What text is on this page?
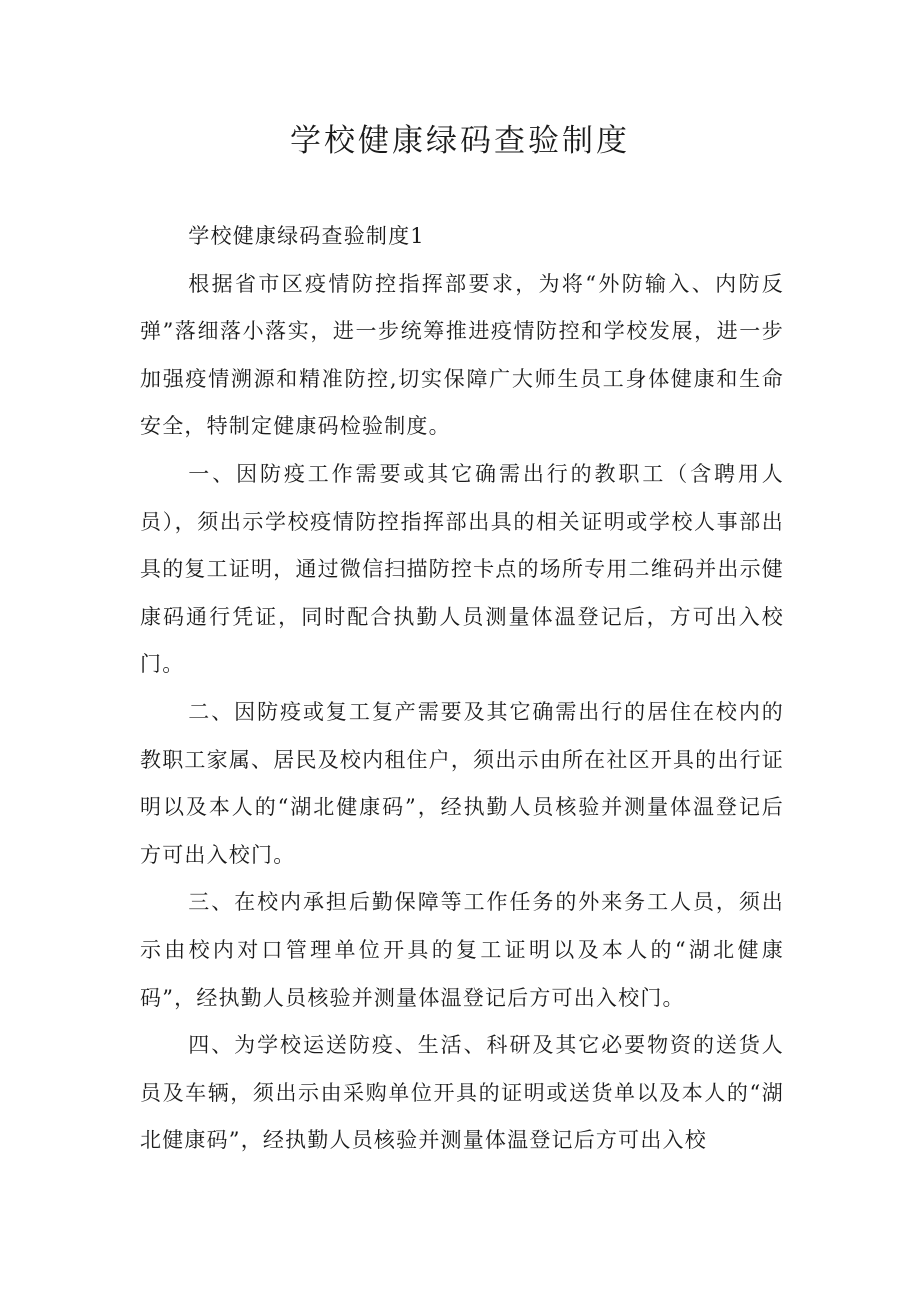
学校健康绿码查验制度

学校健康绿码查验制度1

根据省市区疫情防控指挥部要求，为将“外防输入、内防反弹”落细落小落实，进一步统筹推进疫情防控和学校发展，进一步加强疫情溯源和精准防控,切实保障广大师生员工身体健康和生命安全，特制定健康码检验制度。

一、因防疫工作需要或其它确需出行的教职工（含聘用人员），须出示学校疫情防控指挥部出具的相关证明或学校人事部出具的复工证明，通过微信扫描防控卡点的场所专用二维码并出示健康码通行凭证，同时配合执勤人员测量体温登记后，方可出入校门。

二、因防疫或复工复产需要及其它确需出行的居住在校内的教职工家属、居民及校内租住户，须出示由所在社区开具的出行证明以及本人的“湖北健康码”，经执勤人员核验并测量体温登记后方可出入校门。

三、在校内承担后勤保障等工作任务的外来务工人员，须出示由校内对口管理单位开具的复工证明以及本人的“湖北健康码”，经执勤人员核验并测量体温登记后方可出入校门。

四、为学校运送防疫、生活、科研及其它必要物资的送货人员及车辆，须出示由采购单位开具的证明或送货单以及本人的“湖北健康码”，经执勤人员核验并测量体温登记后方可出入校
